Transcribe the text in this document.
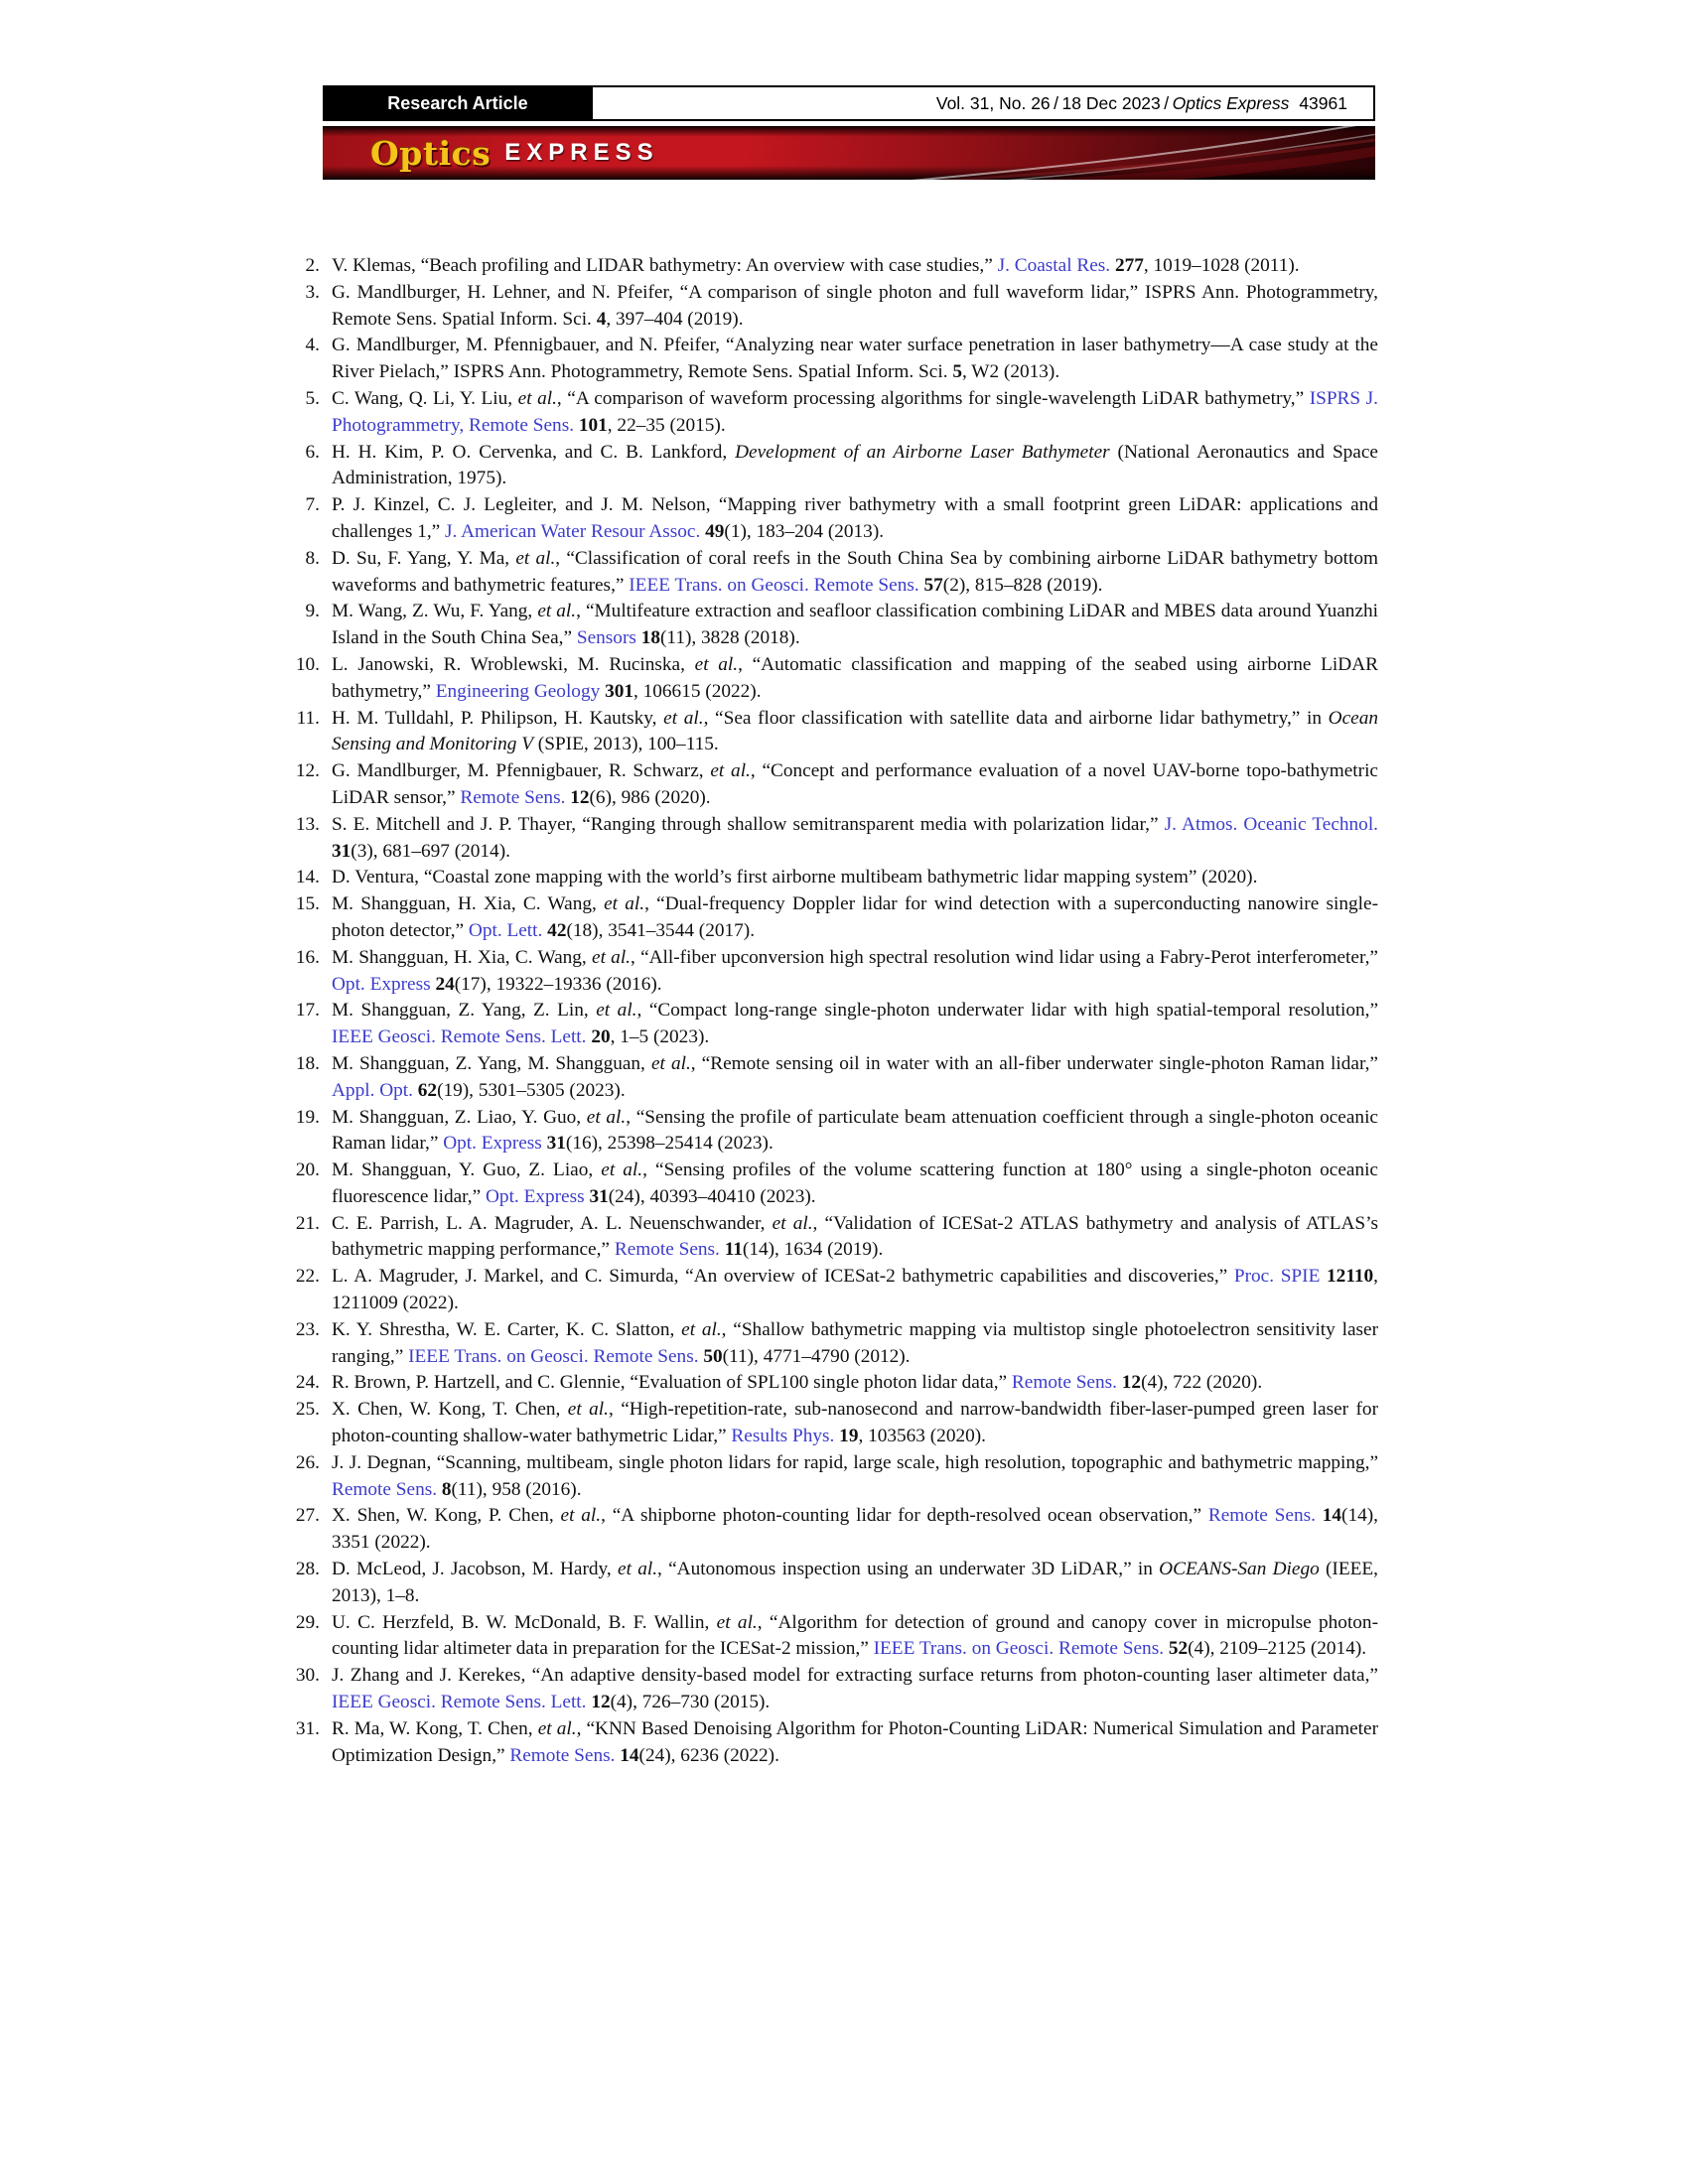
Research Article	Vol. 31, No. 26 / 18 Dec 2023 / Optics Express 43961
Optics EXPRESS
2. V. Klemas, “Beach profiling and LIDAR bathymetry: An overview with case studies,” J. Coastal Res. 277, 1019–1028 (2011).
3. G. Mandlburger, H. Lehner, and N. Pfeifer, “A comparison of single photon and full waveform lidar,” ISPRS Ann. Photogrammetry, Remote Sens. Spatial Inform. Sci. 4, 397–404 (2019).
4. G. Mandlburger, M. Pfennigbauer, and N. Pfeifer, “Analyzing near water surface penetration in laser bathymetry—A case study at the River Pielach,” ISPRS Ann. Photogrammetry, Remote Sens. Spatial Inform. Sci. 5, W2 (2013).
5. C. Wang, Q. Li, Y. Liu, et al., “A comparison of waveform processing algorithms for single-wavelength LiDAR bathymetry,” ISPRS J. Photogrammetry, Remote Sens. 101, 22–35 (2015).
6. H. H. Kim, P. O. Cervenka, and C. B. Lankford, Development of an Airborne Laser Bathymeter (National Aeronautics and Space Administration, 1975).
7. P. J. Kinzel, C. J. Legleiter, and J. M. Nelson, “Mapping river bathymetry with a small footprint green LiDAR: applications and challenges 1,” J. American Water Resour Assoc. 49(1), 183–204 (2013).
8. D. Su, F. Yang, Y. Ma, et al., “Classification of coral reefs in the South China Sea by combining airborne LiDAR bathymetry bottom waveforms and bathymetric features,” IEEE Trans. on Geosci. Remote Sens. 57(2), 815–828 (2019).
9. M. Wang, Z. Wu, F. Yang, et al., “Multifeature extraction and seafloor classification combining LiDAR and MBES data around Yuanzhi Island in the South China Sea,” Sensors 18(11), 3828 (2018).
10. L. Janowski, R. Wroblewski, M. Rucinska, et al., “Automatic classification and mapping of the seabed using airborne LiDAR bathymetry,” Engineering Geology 301, 106615 (2022).
11. H. M. Tulldahl, P. Philipson, H. Kautsky, et al., “Sea floor classification with satellite data and airborne lidar bathymetry,” in Ocean Sensing and Monitoring V (SPIE, 2013), 100–115.
12. G. Mandlburger, M. Pfennigbauer, R. Schwarz, et al., “Concept and performance evaluation of a novel UAV-borne topo-bathymetric LiDAR sensor,” Remote Sens. 12(6), 986 (2020).
13. S. E. Mitchell and J. P. Thayer, “Ranging through shallow semitransparent media with polarization lidar,” J. Atmos. Oceanic Technol. 31(3), 681–697 (2014).
14. D. Ventura, “Coastal zone mapping with the world’s first airborne multibeam bathymetric lidar mapping system” (2020).
15. M. Shangguan, H. Xia, C. Wang, et al., “Dual-frequency Doppler lidar for wind detection with a superconducting nanowire single-photon detector,” Opt. Lett. 42(18), 3541–3544 (2017).
16. M. Shangguan, H. Xia, C. Wang, et al., “All-fiber upconversion high spectral resolution wind lidar using a Fabry-Perot interferometer,” Opt. Express 24(17), 19322–19336 (2016).
17. M. Shangguan, Z. Yang, Z. Lin, et al., “Compact long-range single-photon underwater lidar with high spatial-temporal resolution,” IEEE Geosci. Remote Sens. Lett. 20, 1–5 (2023).
18. M. Shangguan, Z. Yang, M. Shangguan, et al., “Remote sensing oil in water with an all-fiber underwater single-photon Raman lidar,” Appl. Opt. 62(19), 5301–5305 (2023).
19. M. Shangguan, Z. Liao, Y. Guo, et al., “Sensing the profile of particulate beam attenuation coefficient through a single-photon oceanic Raman lidar,” Opt. Express 31(16), 25398–25414 (2023).
20. M. Shangguan, Y. Guo, Z. Liao, et al., “Sensing profiles of the volume scattering function at 180° using a single-photon oceanic fluorescence lidar,” Opt. Express 31(24), 40393–40410 (2023).
21. C. E. Parrish, L. A. Magruder, A. L. Neuenschwander, et al., “Validation of ICESat-2 ATLAS bathymetry and analysis of ATLAS’s bathymetric mapping performance,” Remote Sens. 11(14), 1634 (2019).
22. L. A. Magruder, J. Markel, and C. Simurda, “An overview of ICESat-2 bathymetric capabilities and discoveries,” Proc. SPIE 12110, 1211009 (2022).
23. K. Y. Shrestha, W. E. Carter, K. C. Slatton, et al., “Shallow bathymetric mapping via multistop single photoelectron sensitivity laser ranging,” IEEE Trans. on Geosci. Remote Sens. 50(11), 4771–4790 (2012).
24. R. Brown, P. Hartzell, and C. Glennie, “Evaluation of SPL100 single photon lidar data,” Remote Sens. 12(4), 722 (2020).
25. X. Chen, W. Kong, T. Chen, et al., “High-repetition-rate, sub-nanosecond and narrow-bandwidth fiber-laser-pumped green laser for photon-counting shallow-water bathymetric Lidar,” Results Phys. 19, 103563 (2020).
26. J. J. Degnan, “Scanning, multibeam, single photon lidars for rapid, large scale, high resolution, topographic and bathymetric mapping,” Remote Sens. 8(11), 958 (2016).
27. X. Shen, W. Kong, P. Chen, et al., “A shipborne photon-counting lidar for depth-resolved ocean observation,” Remote Sens. 14(14), 3351 (2022).
28. D. McLeod, J. Jacobson, M. Hardy, et al., “Autonomous inspection using an underwater 3D LiDAR,” in OCEANS-San Diego (IEEE, 2013), 1–8.
29. U. C. Herzfeld, B. W. McDonald, B. F. Wallin, et al., “Algorithm for detection of ground and canopy cover in micropulse photon-counting lidar altimeter data in preparation for the ICESat-2 mission,” IEEE Trans. on Geosci. Remote Sens. 52(4), 2109–2125 (2014).
30. J. Zhang and J. Kerekes, “An adaptive density-based model for extracting surface returns from photon-counting laser altimeter data,” IEEE Geosci. Remote Sens. Lett. 12(4), 726–730 (2015).
31. R. Ma, W. Kong, T. Chen, et al., “KNN Based Denoising Algorithm for Photon-Counting LiDAR: Numerical Simulation and Parameter Optimization Design,” Remote Sens. 14(24), 6236 (2022).
